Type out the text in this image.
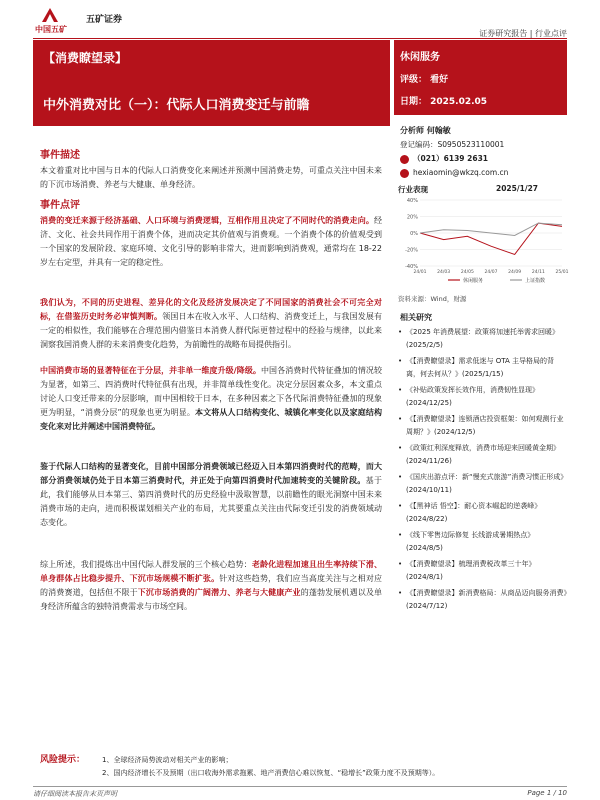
中国五矿
五矿证券
证券研究报告 | 行业点评
【消费瞭望录】
中外消费对比（一）：代际人口消费变迁与前瞻
休闲服务
评级： 看好
日期： 2025.02.05
事件描述
本文着重对比中国与日本的代际人口消费变化来阐述并预测中国消费走势，可重点关注中国未来的下沉市场消费、养老与大健康、单身经济。
事件点评
消费的变迁来源于经济基础、人口环境与消费逻辑，互相作用且决定了不同时代的消费走向。经济、文化、社会共同作用于消费个体，进而决定其价值观与消费观。一个消费个体的价值观受到一个国家的发展阶段、家庭环境、文化引导的影响非常大，进而影响到消费观，通常均在 18-22 岁左右定型，并具有一定的稳定性。
我们认为，不同的历史进程、差异化的文化及经济发展决定了不同国家的消费社会不可完全对标，在借鉴历史时务必审慎判断。领国日本在收入水平、人口结构、消费变迁上，与我国发展有一定的相似性，我们能够在合理范围内借鉴日本消费人群代际更替过程中的经验与规律，以此来洞察我国消费人群的未来消费变化趋势，为前瞻性的战略布局提供指引。
中国消费市场的显著特征在于分层，并非单一维度升级/降级。中国各消费时代特征叠加的情况较为显著，如第三、四消费时代特征俱有出现，并非简单线性变化。决定分层因素众多，本文重点讨论人口变迁带来的分层影响，而中国相较于日本，在多种因素之下各代际消费特征叠加的现象更为明显，“消费分层”的现象也更为明显。本文将从人口结构变化、城镇化率变化以及家庭结构变化来对比并阐述中国消费特征。
鉴于代际人口结构的显著变化，目前中国部分消费领域已经迈入日本第四消费时代的范畴，而大部分消费领域仍处于日本第三消费时代，并正处于向第四消费时代加速转变的关键阶段。基于此，我们能够从日本第三、第四消费时代的历史经验中汲取智慧，以前瞻性的眼光洞察中国未来消费市场的走向，进而积极谋划相关产业的布局，尤其要重点关注由代际变迁引发的消费领域动态变化。
综上所述，我们提炼出中国代际人群发展的三个核心趋势：老龄化进程加速且出生率持续下滑、单身群体占比稳步提升、下沉市场规模不断扩张。针对这些趋势，我们应当高度关注与之相对应的消费赛道，包括但不限于下沉市场消费的广阔潜力、养老与大健康产业的蓬勃发展机遇以及单身经济所蕴含的独特消费需求与市场空间。
分析师 何翰敏
登记编码：S0950523110001
（021）6139 2631
hexiaomin@wkzq.com.cn
行业表现	2025/1/27
40%
20%
0%
-20%
-40%
24/01 24/03 24/05 24/07 24/09 24/11 25/01
休闲服务	上证指数
资料来源：Wind，财源
相关研究
• 《2025 年消费展望：政策将加速托举需求回暖》(2025/2/5)
• 《【消费瞭望录】需求低迷与 OTA 主导格局的背离，何去何从？》(2025/1/15)
• 《补贴政策发挥长效作用，消费韧性显现》(2024/12/25)
• 《【消费瞭望录】连锁酒店投资框架：如何观测行业周期？》(2024/12/5)
• 《政策红利深度释放，消费市场迎来回暖黄金期》(2024/11/26)
• 《国庆出游点评：新“慢充式旅游”消费习惯正形成》(2024/10/11)
• 《【黑神话 悟空】：耐心资本崛起的逆袭峰》(2024/8/22)
• 《线下零售边际修复 长线游成暑期热点》(2024/8/5)
• 《【消费瞭望录】梳理消费税改革三十年》(2024/8/1)
• 《【消费瞭望录】新消费格局：从商品迈向服务消费》(2024/7/12)
风险提示： 1、全球经济局势波动对相关产业的影响；
2、国内经济增长不及预期（出口收海外需求拖累、地产消费信心难以恢复、“稳增长”政策力度不及预期等）。
请仔细阅读本报告末页声明	Page 1 / 10
